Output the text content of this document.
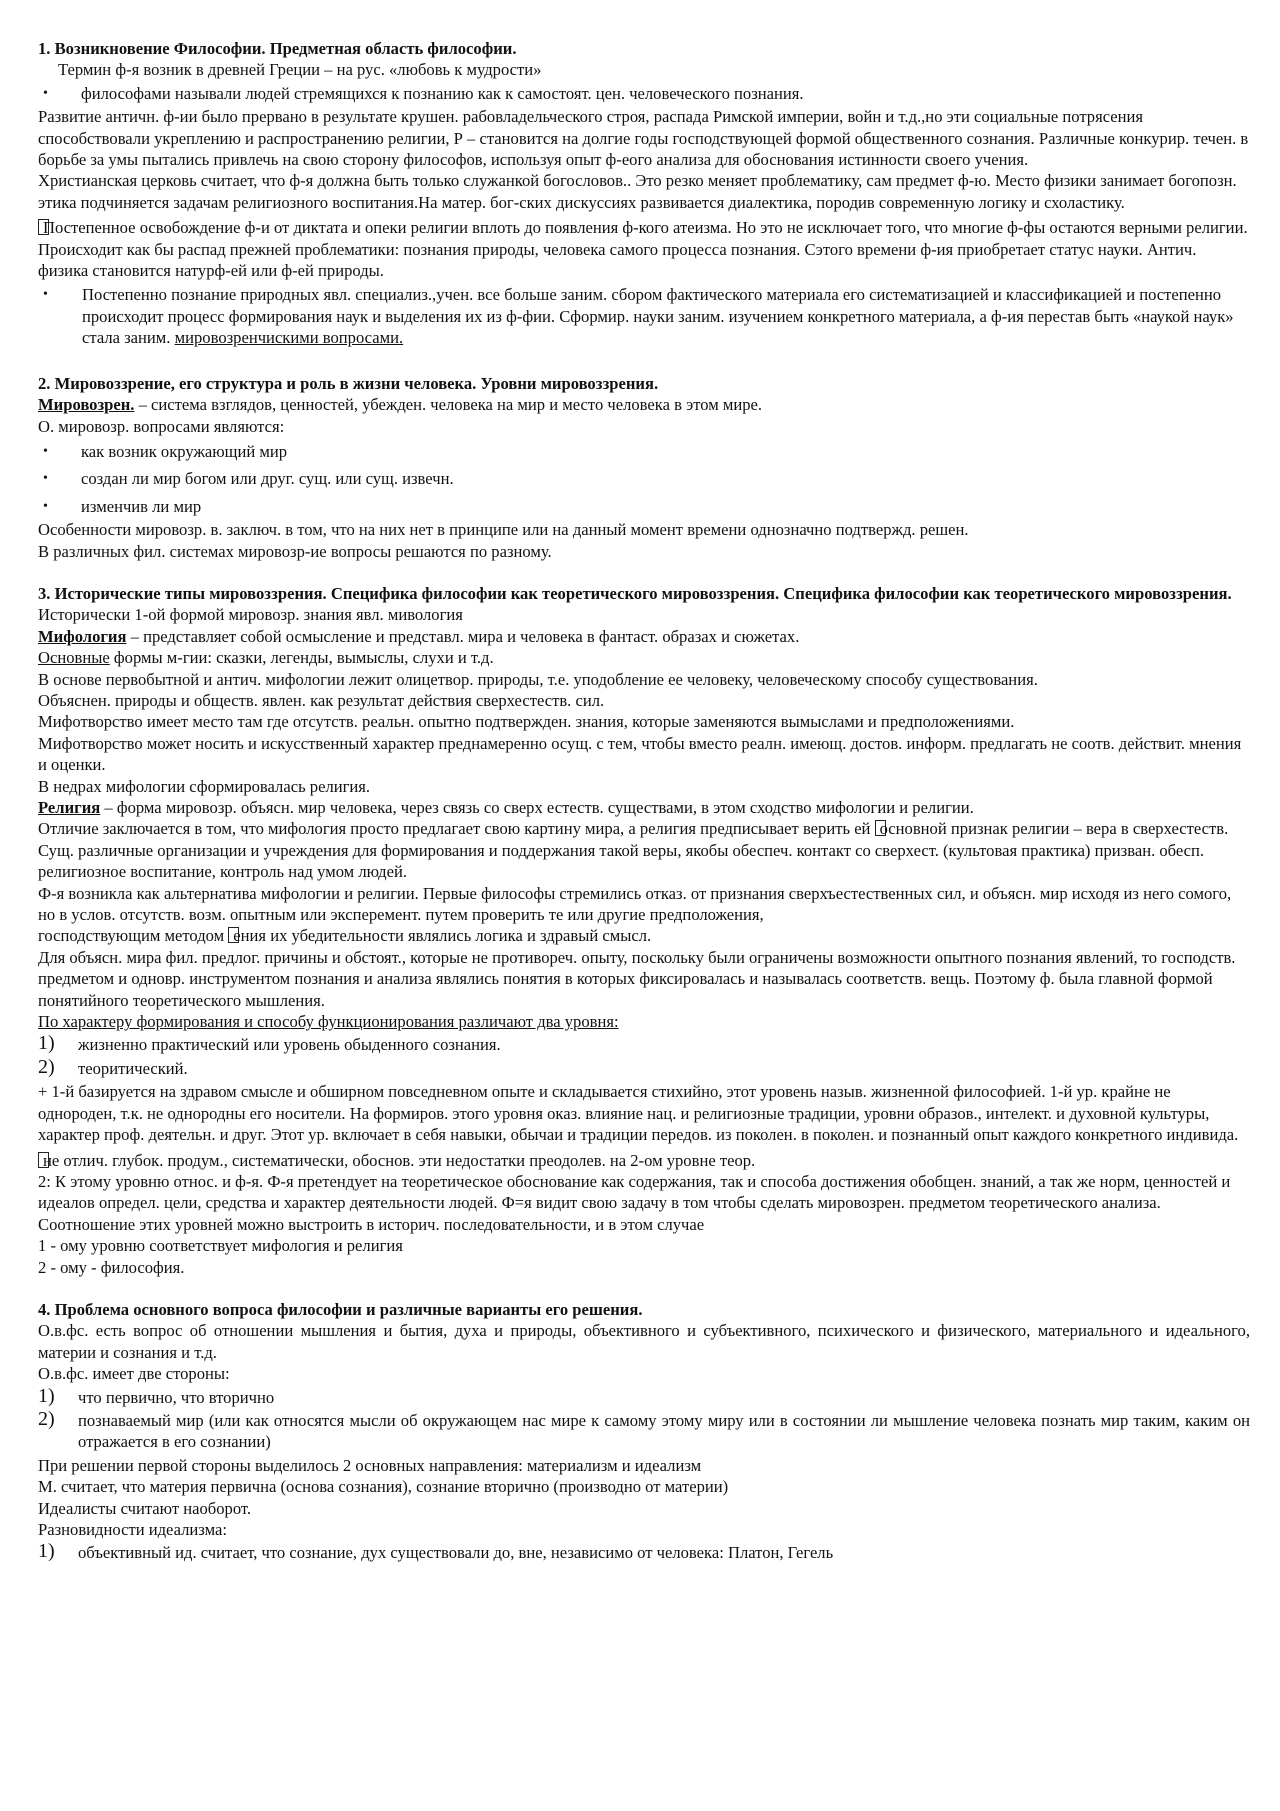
1. Возникновение Философии. Предметная область философии.

Термин ф-я возник в древней Греции – на рус. «любовь к мудрости»

• философами называли людей стремящихся к познанию как к самостоят. цен. человеческого познания.

Развитие античн. ф-ии было прервано в результате крушен. рабовладельческого строя, распада Римской империи, войн и т.д.,но эти социальные потрясения способствовали укреплению и распространению религии, Р – становится на долгие годы господствующей формой общественного сознания. Различные конкурир. течен. в борьбе за умы пытались привлечь на свою сторону философов, используя опыт ф-еого анализа для обоснования истинности своего учения.

Христианская церковь считает, что ф-я должна быть только служанкой богословов.. Это резко меняет проблематику, сам предмет ф-ю. Место физики занимает богопозн. этика подчиняется задачам религиозного воспитания.На матер. бог-ских дискуссиях развивается диалектика, породив современную логику и схоластику.

Постепенное освобождение ф-и от диктата и опеки религии вплоть до появления ф-кого атеизма. Но это не исключает того, что многие ф-фы остаются верными религии. Происходит как бы распад прежней проблематики: познания природы, человека самого процесса познания. Сэтого времени ф-ия приобретает статус науки. Антич. физика становится натурф-ей или ф-ей природы.

• Постепенно познание природных явл. специализ.,учен. все больше заним. сбором фактического материала его систематизацией и классификацией и постепенно происходит процесс формирования наук и выделения их из ф-фии. Сформир. науки заним. изучением конкретного материала, а ф-ия перестав быть «наукой наук» стала заним. мировозренчискими вопросами.

2. Мировоззрение, его структура и роль в жизни человека. Уровни мировоззрения.

Мировозрен. – система взглядов, ценностей, убежден. человека на мир и место человека в этом мире.

О. мировозр. вопросами являются:

• как возник окружающий мир
• создан ли мир богом или друг. сущ. или сущ. извечн.
• изменчив ли мир

Особенности мировозр. в. заключ. в том, что на них нет в принципе или на данный момент времени однозначно подтвержд. решен.

В различных фил. системах мировозр-ие вопросы решаются по разному.

3. Исторические типы мировоззрения. Специфика философии как теоретического мировоззрения. Специфика философии как теоретического мировоззрения.

Исторически 1-ой формой мировозр. знания явл. мивология

Мифология – представляет собой осмысление и представл. мира и человека в фантаст. образах и сюжетах.

Основные формы м-гии: сказки, легенды, вымыслы, слухи и т.д.

В основе первобытной и антич. мифологии лежит олицетвор. природы, т.е. уподобление ее человеку, человеческому способу существования.

Объяснен. природы и обществ. явлен. как результат действия сверхестеств. сил.

Мифотворство имеет место там где отсутств. реальн. опытно подтвержден. знания, которые заменяются вымыслами и предположениями.

Мифотворство может носить и искусственный характер преднамеренно осущ. с тем, чтобы вместо реалн. имеющ. достов. информ. предлагать не соотв. действит. мнения и оценки.

В недрах мифологии сформировалась религия.

Религия – форма мировозр. объясн. мир человека, через связь со сверх естеств. существами, в этом сходство мифологии и религии.

Отличие заключается в том, что мифология просто предлагает свою картину мира, а религия предписывает верить ей основной признак религии – вера в сверхестеств.

Сущ. различные организации и учреждения для формирования и поддержания такой веры, якобы обеспеч. контакт со сверхест. (культовая практика) призван. обесп. религиозное воспитание, контроль над умом людей.

Ф-я возникла как альтернатива мифологии и религии. Первые философы стремились отказ. от признания сверхъестественных сил, и объясн. мир исходя из него сомого, но в услов. отсутств. возм. опытным или эксперемент. путем проверить те или другие предположения,

господствующим методом ения их убедительности являлись логика и здравый смысл.

Для объясн. мира фил. предлог. причины и обстоят., которые не противореч. опыту, поскольку были ограничены возможности опытного познания явлений, то господств. предметом и одновр. инструментом познания и анализа являлись понятия в которых фиксировалась и называлась соответств. вещь. Поэтому ф. была главной формой понятийного теоретического мышления.

По характеру формирования и способу функционирования различают два уровня:

1) жизненно практический или уровень обыденного сознания.
2) теоритический.

+ 1-й базируется на здравом смысле и обширном повседневном опыте и складывается стихийно, этот уровень назыв. жизненной философией. 1-й ур. крайне не однороден, т.к. не однородны его носители. На формиров. этого уровня оказ. влияние нац. и религиозные традиции, уровни образов., интелект. и духовной культуры, характер проф. деятельн. и друг. Этот ур. включает в себя навыки, обычаи и традиции передов. из поколен. в поколен. и познанный опыт каждого конкретного индивида.

не отлич. глубок. продум., систематически, обоснов. эти недостатки преодолев. на 2-ом уровне теор.

2: К этому уровню относ. и ф-я. Ф-я претендует на теоретическое обоснование как содержания, так и способа достижения обобщен. знаний, а так же норм, ценностей и идеалов определ. цели, средства и характер деятельности людей. Ф=я видит свою задачу в том чтобы сделать мировозрен. предметом теоретического анализа.

Соотношение этих уровней можно выстроить в историч. последовательности, и в этом случае

1 - ому уровню соответствует мифология и религия

2 - ому - философия.

4. Проблема основного вопроса философии и различные варианты его решения.

О.в.фс. есть вопрос об отношении мышления и бытия, духа и природы, объективного и субъективного, психического и физического, материального и идеального, материи и сознания и т.д.

О.в.фс. имеет две стороны:

1) что первично, что вторично
2) познаваемый мир (или как относятся мысли об окружающем нас мире к самому этому миру или в состоянии ли мышление человека познать мир таким, каким он отражается в его сознании)

При решении первой стороны выделилось 2 основных направления: материализм и идеализм

М. считает, что материя первична (основа сознания), сознание вторично (производно от материи)

Идеалисты считают наоборот.

Разновидности идеализма:

1) объективный ид. считает, что сознание, дух существовали до, вне, независимо от человека: Платон, Гегель
